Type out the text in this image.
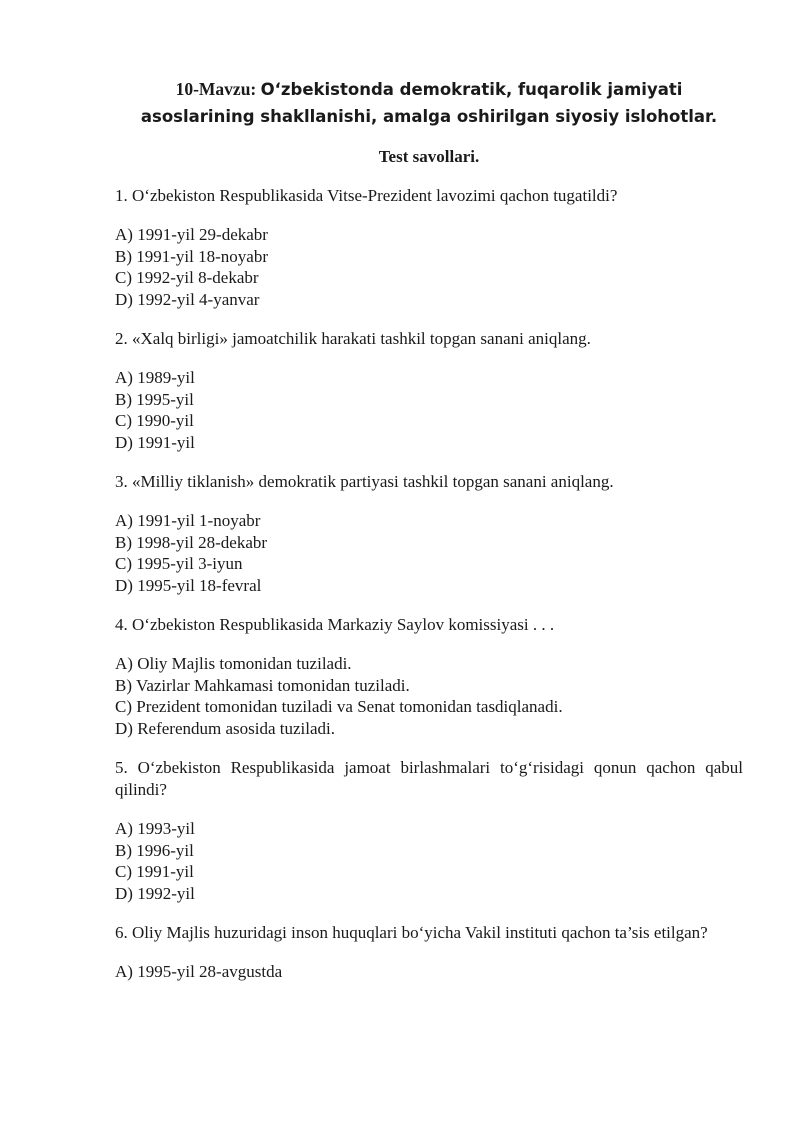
10-Mavzu: O‘zbekistonda demokratik, fuqarolik jamiyati
asoslarining shakllanishi, amalga oshirilgan siyosiy islohotlar.
Test savollari.

1. O‘zbekiston Respublikasida Vitse-Prezident lavozimi qachon tugatildi?

A) 1991-yil 29-dekabr
B) 1991-yil 18-noyabr
C) 1992-yil 8-dekabr
D) 1992-yil 4-yanvar

2. «Xalq birligi» jamoatchilik harakati tashkil topgan sanani aniqlang.

A) 1989-yil
B) 1995-yil
C) 1990-yil
D) 1991-yil

3. «Milliy tiklanish» demokratik partiyasi tashkil topgan sanani aniqlang.

A) 1991-yil 1-noyabr
B) 1998-yil 28-dekabr
C) 1995-yil 3-iyun
D) 1995-yil 18-fevral

4. O‘zbekiston Respublikasida Markaziy Saylov komissiyasi . . .

A) Oliy Majlis tomonidan tuziladi.
B) Vazirlar Mahkamasi tomonidan tuziladi.
C) Prezident tomonidan tuziladi va Senat tomonidan tasdiqlanadi.
D) Referendum asosida tuziladi.

5. O‘zbekiston Respublikasida jamoat birlashmalari to‘g‘risidagi qonun qachon qabul qilindi?

A) 1993-yil
B) 1996-yil
C) 1991-yil
D) 1992-yil

6. Oliy Majlis huzuridagi inson huquqlari bo‘yicha Vakil instituti qachon ta’sis etilgan?

A) 1995-yil 28-avgustda
